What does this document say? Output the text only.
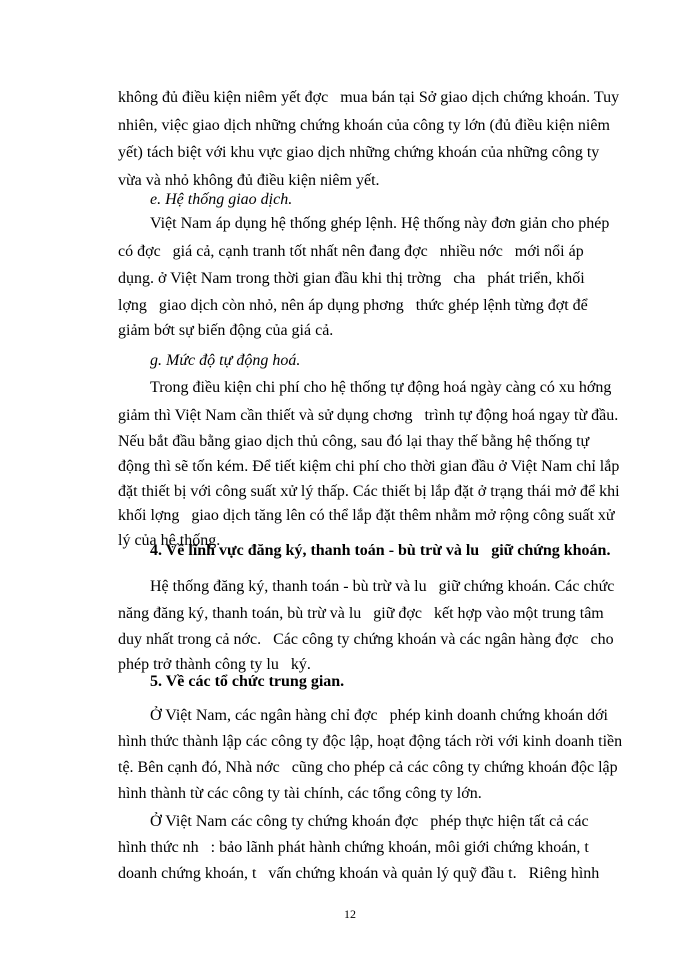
không đủ điều kiện niêm yết đợc   mua bán tại Sở giao dịch chứng khoán. Tuy
nhiên, việc giao dịch những chứng khoán của công ty lớn (đủ điều kiện niêm
yết) tách biệt với khu vực giao dịch những chứng khoán của những công ty
vừa và nhỏ không đủ điều kiện niêm yết.
e. Hệ thống giao dịch.
Việt Nam áp dụng hệ thống ghép lệnh. Hệ thống này đơn giản cho phép
có đợc   giá cả, cạnh tranh tốt nhất nên đang đợc   nhiều nớc   mới nổi áp
dụng. ở Việt Nam trong thời gian đầu khi thị trờng   cha   phát triển, khối
lợng   giao dịch còn nhỏ, nên áp dụng phơng   thức ghép lệnh từng đợt để
giảm bớt sự biến động của giá cả.
g. Mức độ tự động hoá.
Trong điều kiện chi phí cho hệ thống tự động hoá ngày càng có xu hớng
giảm thì Việt Nam cần thiết và sử dụng chơng   trình tự động hoá ngay từ đầu.
Nếu bắt đầu bằng giao dịch thủ công, sau đó lại thay thế bằng hệ thống tự
động thì sẽ tốn kém. Để tiết kiệm chi phí cho thời gian đầu ở Việt Nam chỉ lắp
đặt thiết bị với công suất xử lý thấp. Các thiết bị lắp đặt ở trạng thái mở để khi
khối lợng   giao dịch tăng lên có thể lắp đặt thêm nhằm mở rộng công suất xử
lý của hệ thống.
4. Về lĩnh vực đăng ký, thanh toán - bù trừ và lu   giữ chứng khoán.
Hệ thống đăng ký, thanh toán - bù trừ và lu   giữ chứng khoán. Các chức
năng đăng ký, thanh toán, bù trừ và lu   giữ đợc   kết hợp vào một trung tâm
duy nhất trong cả nớc.   Các công ty chứng khoán và các ngân hàng đợc   cho
phép trở thành công ty lu   ký.
5. Về các tổ chức trung gian.
Ở Việt Nam, các ngân hàng chỉ đợc   phép kinh doanh chứng khoán dới
hình thức thành lập các công ty độc lập, hoạt động tách rời với kinh doanh tiền
tệ. Bên cạnh đó, Nhà nớc   cũng cho phép cả các công ty chứng khoán độc lập
hình thành từ các công ty tài chính, các tổng công ty lớn.
Ở Việt Nam các công ty chứng khoán đợc   phép thực hiện tất cả các
hình thức nh   : bảo lãnh phát hành chứng khoán, môi giới chứng khoán, t
doanh chứng khoán, t   vấn chứng khoán và quản lý quỹ đầu t.   Riêng hình
12
